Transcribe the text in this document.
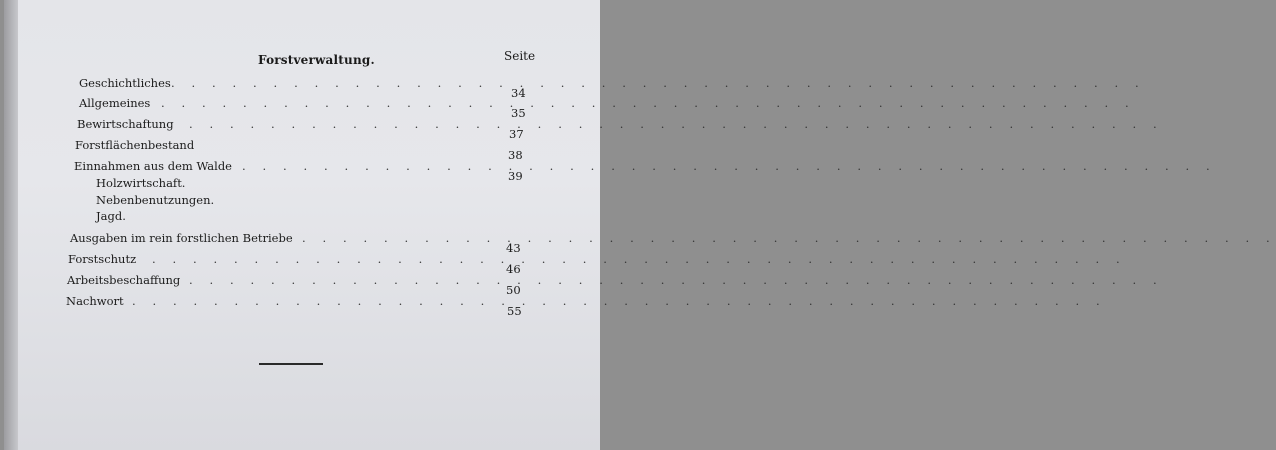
Forstverwaltung.	Seite
Geschichtliches . . . . . . . . . . . . . . . . . . . . . . . . . . . . . . . . . . . . . . . . . . . . . . . .
34
Allgemeines . . . . . . . . . . . . . . . . . . . . . . . . . . . . . . . . . . . . . . . . . . . . . . . .
35
Bewirtschaftung . . . . . . . . . . . . . . . . . . . . . . . . . . . . . . . . . . . . . . . . . . . . . . . .
37
Forstflächenbestand
38
Einnahmen aus dem Walde . . . . . . . . . . . . . . . . . . . . . . . . . . . . . . . . . . . . . . . . . . . . . . . .
39
Holzwirtschaft.
Nebenbenutzungen.
Jagd.
Ausgaben im rein forstlichen Betriebe . . . . . . . . . . . . . . . . . . . . . . . . . . . . . . . . . . . . . . . . . . . . . . . .
43
Forstschutz . . . . . . . . . . . . . . . . . . . . . . . . . . . . . . . . . . . . . . . . . . . . . . . .
46
Arbeitsbeschaffung . . . . . . . . . . . . . . . . . . . . . . . . . . . . . . . . . . . . . . . . . . . . . . . .
50
Nachwort . . . . . . . . . . . . . . . . . . . . . . . . . . . . . . . . . . . . . . . . . . . . . . . .
55
